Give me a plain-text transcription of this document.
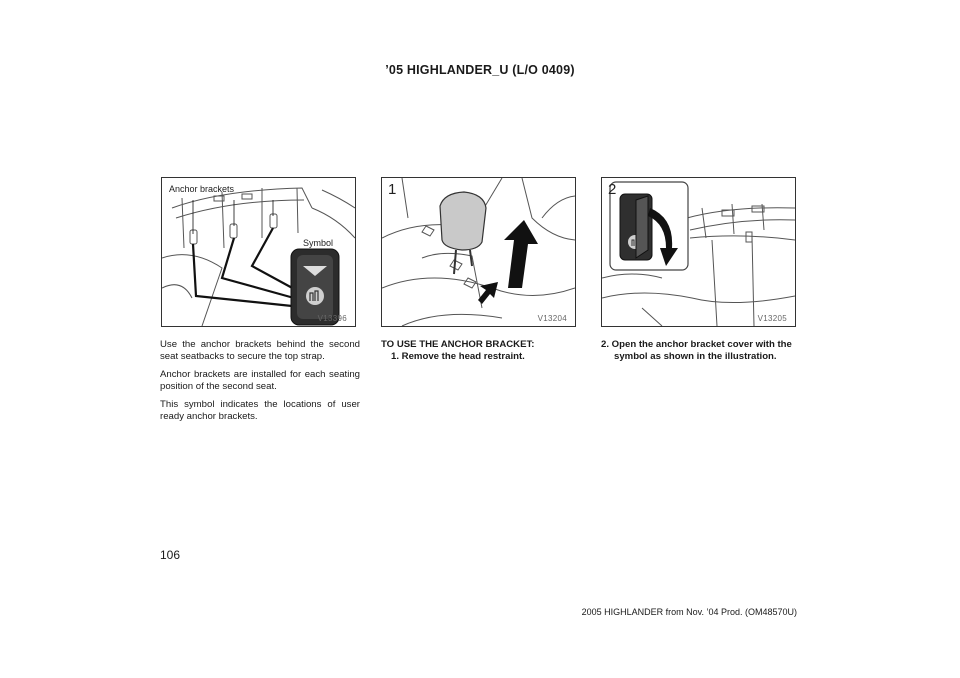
’05 HIGHLANDER_U (L/O 0409)
Anchor brackets
Symbol
V13396
1
V13204
2
V13205

Use the anchor brackets behind the second seat seatbacks to secure the top strap.

Anchor brackets are installed for each seating position of the second seat.

This symbol indicates the locations of user ready anchor brackets.

TO USE THE ANCHOR BRACKET:

1. Remove the head restraint.

2. Open the anchor bracket cover with the symbol as shown in the illustration.

106
2005 HIGHLANDER from Nov. ’04 Prod. (OM48570U)
